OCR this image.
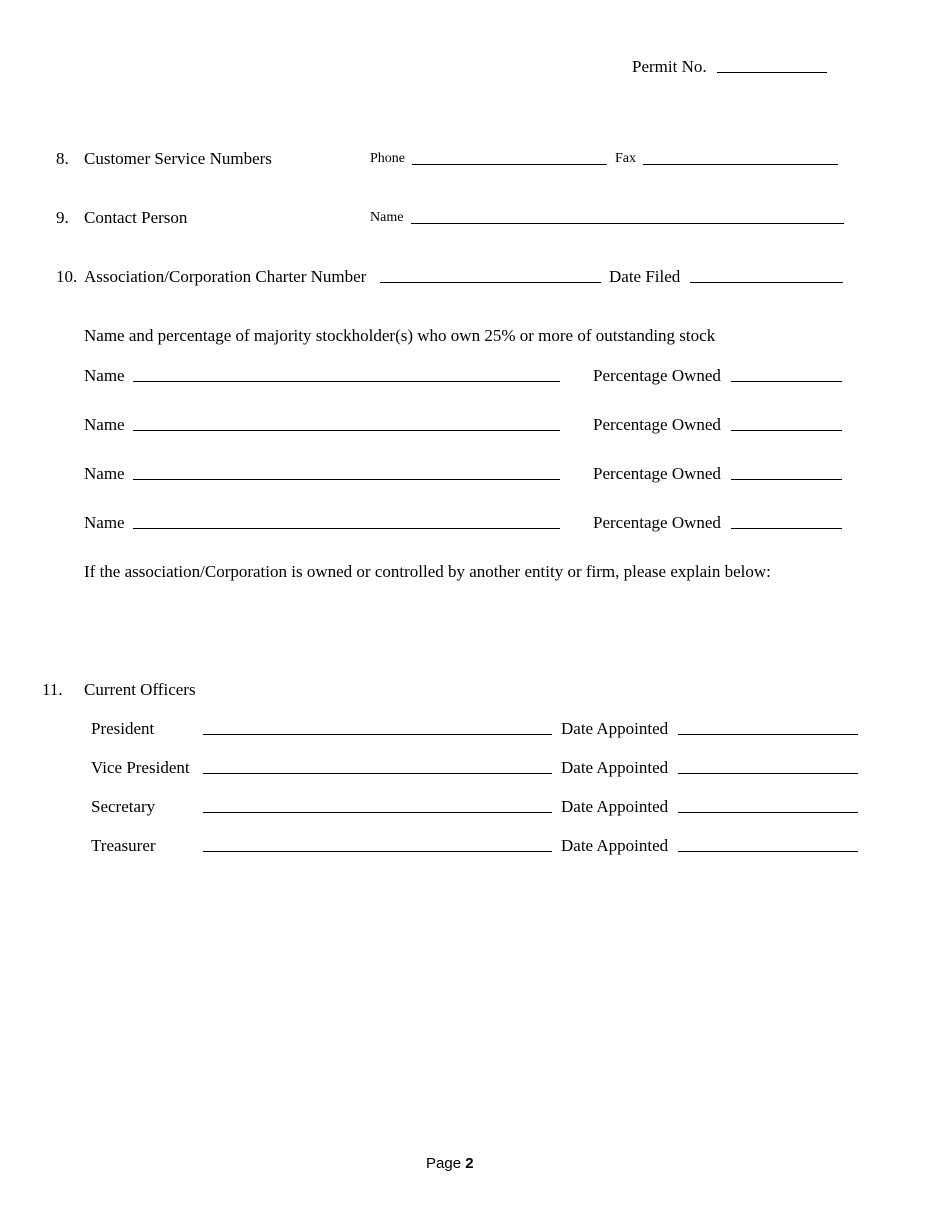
Permit No.
8. Customer Service Numbers	Phone	Fax
9. Contact Person	Name
10. Association/Corporation Charter Number	Date Filed
Name and percentage of majority stockholder(s) who own 25% or more of outstanding stock
Name	Percentage Owned
Name	Percentage Owned
Name	Percentage Owned
Name	Percentage Owned
If the association/Corporation is owned or controlled by another entity or firm, please explain below:
11. Current Officers
President	Date Appointed
Vice President	Date Appointed
Secretary	Date Appointed
Treasurer	Date Appointed
Page 2
